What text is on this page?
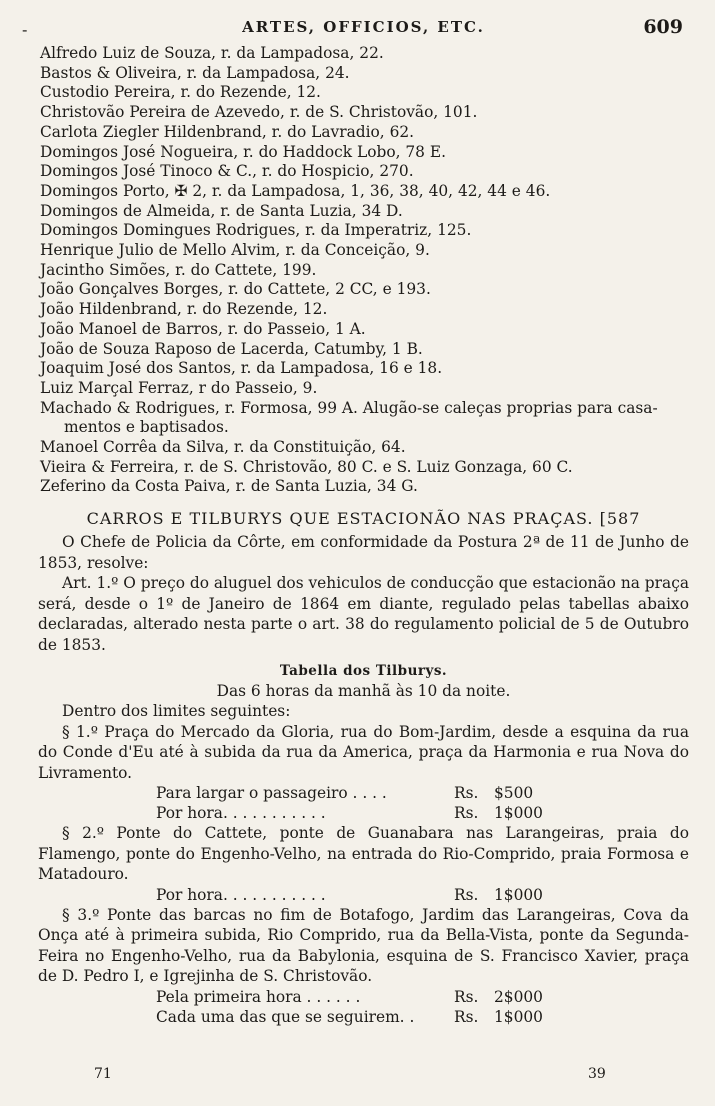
-	ARTES, OFFICIOS, ETC.	609
Alfredo Luiz de Souza, r. da Lampadosa, 22.
Bastos & Oliveira, r. da Lampadosa, 24.
Custodio Pereira, r. do Rezende, 12.
Christovão Pereira de Azevedo, r. de S. Christovão, 101.
Carlota Ziegler Hildenbrand, r. do Lavradio, 62.
Domingos José Nogueira, r. do Haddock Lobo, 78 E.
Domingos José Tinoco & C., r. do Hospicio, 270.
Domingos Porto, ✠ 2, r. da Lampadosa, 1, 36, 38, 40, 42, 44 e 46.
Domingos de Almeida, r. de Santa Luzia, 34 D.
Domingos Domingues Rodrigues, r. da Imperatriz, 125.
Henrique Julio de Mello Alvim, r. da Conceição, 9.
Jacintho Simões, r. do Cattete, 199.
João Gonçalves Borges, r. do Cattete, 2 CC, e 193.
João Hildenbrand, r. do Rezende, 12.
João Manoel de Barros, r. do Passeio, 1 A.
João de Souza Raposo de Lacerda, Catumby, 1 B.
Joaquim José dos Santos, r. da Lampadosa, 16 e 18.
Luiz Marçal Ferraz, r do Passeio, 9.
Machado & Rodrigues, r. Formosa, 99 A. Alugão-se caleças proprias para casa-
mentos e baptisados.
Manoel Corrêa da Silva, r. da Constituição, 64.
Vieira & Ferreira, r. de S. Christovão, 80 C. e S. Luiz Gonzaga, 60 C.
Zeferino da Costa Paiva, r. de Santa Luzia, 34 G.
CARROS E TILBURYS QUE ESTACIONÃO NAS PRAÇAS. [587

O Chefe de Policia da Côrte, em conformidade da Postura 2ª de 11 de Junho de 1853, resolve:

Art. 1.º O preço do aluguel dos vehiculos de conducção que estacionão na praça será, desde o 1º de Janeiro de 1864 em diante, regulado pelas tabellas abaixo declaradas, alterado nesta parte o art. 38 do regulamento policial de 5 de Outubro de 1853.

Tabella dos Tilburys.

Das 6 horas da manhã às 10 da noite.

Dentro dos limites seguintes:

§ 1.º Praça do Mercado da Gloria, rua do Bom-Jardim, desde a esquina da rua do Conde d'Eu até à subida da rua da America, praça da Harmonia e rua Nova do Livramento.

Para largar o passageiro . . . .	Rs.	$500
Por hora. . . . . . . . . . .	Rs.	1$000

§ 2.º Ponte do Cattete, ponte de Guanabara nas Larangeiras, praia do Flamengo, ponte do Engenho-Velho, na entrada do Rio-Comprido, praia Formosa e Matadouro.

Por hora. . . . . . . . . . .	Rs.	1$000

§ 3.º Ponte das barcas no fim de Botafogo, Jardim das Larangeiras, Cova da Onça até à primeira subida, Rio Comprido, rua da Bella-Vista, ponte da Segunda-Feira no Engenho-Velho, rua da Babylonia, esquina de S. Francisco Xavier, praça de D. Pedro I, e Igrejinha de S. Christovão.

Pela primeira hora . . . . . .	Rs.	2$000
Cada uma das que se seguirem. .	Rs.	1$000
71	39
